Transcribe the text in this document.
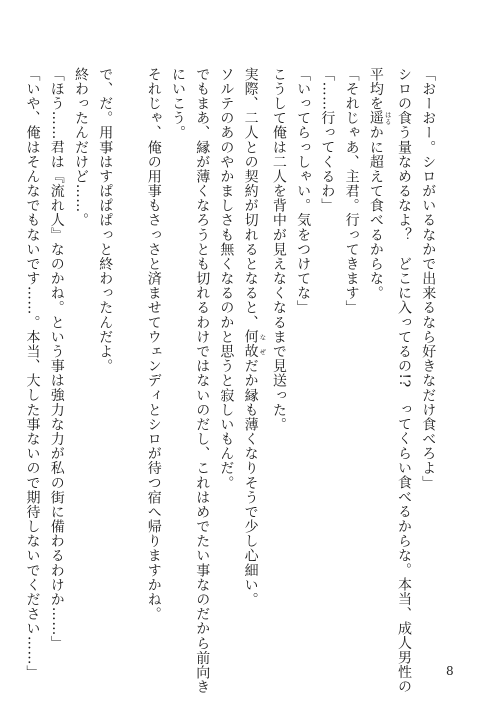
「おーおー。シロがいるなかで出来るなら好きなだけ食べろよ」
シロの食う量なめるなよ？　どこに入ってるの!?　ってくらい食べるからな。本当、成人男性の
平均を遥 はるかに超えて食べるからな。
「それじゃあ、主君。行ってきます」
「……行ってくるわ」
「いってらっしゃい。気をつけてな」
こうして俺は二人を背中が見えなくなるまで見送った。
実際、二人との契約が切れるとなると、何故 なぜだか縁も薄くなりそうで少し心細い。
ソルテのあのやかましさも無くなるのかと思うと寂しいもんだ。
でもまあ、縁が薄くなろうとも切れるわけではないのだし、これはめでたい事なのだから前向き
にいこう。
それじゃ、俺の用事もさっさと済ませてウェンディとシロが待つ宿へ帰りますかね。
で、だ。用事はすぱぱぱっと終わったんだよ。
終わったんだけど……。
「ほう……君は『流れ人』なのかね。という事は強力な力が私の街に備わるわけか……」
「いや、俺はそんなでもないです……。本当、大した事ないので期待しないでください……」	8
